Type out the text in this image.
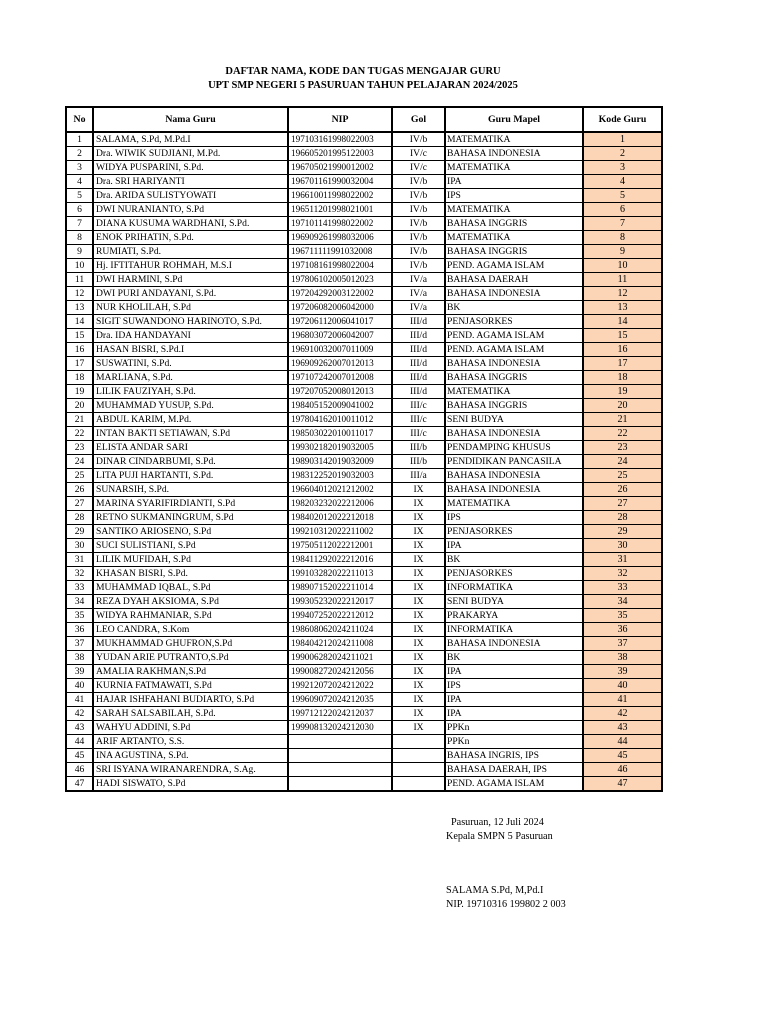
DAFTAR NAMA, KODE DAN TUGAS MENGAJAR GURU
UPT SMP NEGERI 5 PASURUAN TAHUN PELAJARAN 2024/2025
No	Nama Guru	NIP	Gol	Guru Mapel	Kode Guru
1	SALAMA, S.Pd, M.Pd.I	197103161998022003	IV/b	MATEMATIKA	1
2	Dra. WIWIK SUDJIANI, M.Pd.	196605201995122003	IV/c	BAHASA INDONESIA	2
3	WIDYA PUSPARINI, S.Pd.	196705021990012002	IV/c	MATEMATIKA	3
4	Dra. SRI HARIYANTI	196701161990032004	IV/b	IPA	4
5	Dra. ARIDA SULISTYOWATI	196610011998022002	IV/b	IPS	5
6	DWI NURANIANTO, S.Pd	196511201998021001	IV/b	MATEMATIKA	6
7	DIANA KUSUMA WARDHANI, S.Pd.	197101141998022002	IV/b	BAHASA INGGRIS	7
8	ENOK PRIHATIN, S.Pd.	196909261998032006	IV/b	MATEMATIKA	8
9	RUMIATI, S.Pd.	196711111991032008	IV/b	BAHASA INGGRIS	9
10	Hj. IFTITAHUR ROHMAH, M.S.I	197108161998022004	IV/b	PEND. AGAMA ISLAM	10
11	DWI HARMINI, S.Pd	197806102005012023	IV/a	BAHASA DAERAH	11
12	DWI PURI ANDAYANI, S.Pd.	197204292003122002	IV/a	BAHASA INDONESIA	12
13	NUR KHOLILAH, S.Pd	197206082006042000	IV/a	BK	13
14	SIGIT SUWANDONO HARINOTO, S.Pd.	197206112006041017	III/d	PENJASORKES	14
15	Dra. IDA HANDAYANI	196803072006042007	III/d	PEND. AGAMA ISLAM	15
16	HASAN BISRI, S.Pd.I	196910032007011009	III/d	PEND. AGAMA ISLAM	16
17	SUSWATINI, S.Pd.	196909262007012013	III/d	BAHASA INDONESIA	17
18	MARLIANA, S.Pd.	197107242007012008	III/d	BAHASA INGGRIS	18
19	LILIK FAUZIYAH, S.Pd.	197207052008012013	III/d	MATEMATIKA	19
20	MUHAMMAD YUSUP, S.Pd.	198405152009041002	III/c	BAHASA INGGRIS	20
21	ABDUL KARIM, M.Pd.	197804162010011012	III/c	SENI BUDYA	21
22	INTAN BAKTI SETIAWAN, S.Pd	198503022010011017	III/c	BAHASA INDONESIA	22
23	ELISTA ANDAR SARI	199302182019032005	III/b	PENDAMPING KHUSUS	23
24	DINAR CINDARBUMI, S.Pd.	198903142019032009	III/b	PENDIDIKAN PANCASILA	24
25	LITA PUJI HARTANTI, S.Pd.	198312252019032003	III/a	BAHASA INDONESIA	25
26	SUNARSIH, S.Pd.	196604012021212002	IX	BAHASA INDONESIA	26
27	MARINA SYARIFIRDIANTI, S.Pd	198203232022212006	IX	MATEMATIKA	27
28	RETNO SUKMANINGRUM, S.Pd	198402012022212018	IX	IPS	28
29	SANTIKO ARIOSENO, S.Pd	199210312022211002	IX	PENJASORKES	29
30	SUCI SULISTIANI, S.Pd	197505112022212001	IX	IPA	30
31	LILIK MUFIDAH, S.Pd	198411292022212016	IX	BK	31
32	KHASAN BISRI, S.Pd.	199103282022211013	IX	PENJASORKES	32
33	MUHAMMAD IQBAL, S.Pd	198907152022211014	IX	INFORMATIKA	33
34	REZA DYAH AKSIOMA, S.Pd	199305232022212017	IX	SENI BUDYA	34
35	WIDYA RAHMANIAR, S.Pd	199407252022212012	IX	PRAKARYA	35
36	LEO CANDRA, S.Kom	198608062024211024	IX	INFORMATIKA	36
37	MUKHAMMAD GHUFRON,S.Pd	198404212024211008	IX	BAHASA INDONESIA	37
38	YUDAN ARIE PUTRANTO,S.Pd	199006282024211021	IX	BK	38
39	AMALIA RAKHMAN,S.Pd	199008272024212056	IX	IPA	39
40	KURNIA FATMAWATI, S.Pd	199212072024212022	IX	IPS	40
41	HAJAR ISHFAHANI BUDIARTO, S.Pd	199609072024212035	IX	IPA	41
42	SARAH SALSABILAH, S.Pd.	199712122024212037	IX	IPA	42
43	WAHYU ADDINI, S.Pd	199908132024212030	IX	PPKn	43
44	ARIF ARTANTO, S.S.			PPKn	44
45	INA AGUSTINA, S.Pd.			BAHASA INGRIS, IPS	45
46	SRI ISYANA WIRANARENDRA, S.Ag.			BAHASA DAERAH, IPS	46
47	HADI SISWATO, S.Pd			PEND. AGAMA ISLAM	47
Pasuruan, 12 Juli 2024
Kepala SMPN 5 Pasuruan
SALAMA S.Pd, M,Pd.I
NIP. 19710316 199802 2 003
